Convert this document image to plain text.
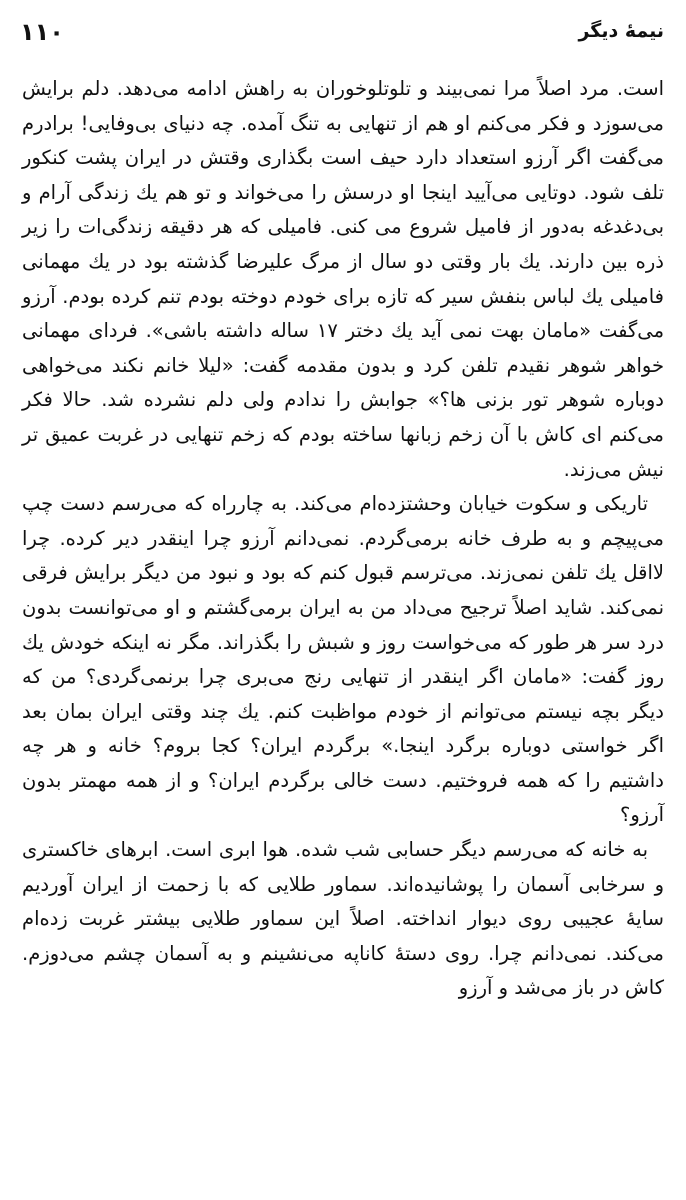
۱۱۰	نیمهٔ دیگر

است. مرد اصلاً مرا نمی‌بیند و تلوتلوخوران به راهش ادامه می‌دهد. دلم برایش می‌سوزد و فکر می‌کنم او هم از تنهایی به تنگ آمده. چه دنیای بی‌وفایی! برادرم می‌گفت اگر آرزو استعداد دارد حیف است بگذاری وقتش در ایران پشت کنکور تلف شود. دوتایی می‌آیید اینجا او درسش را می‌خواند و تو هم یك زندگی آرام و بی‌دغدغه به‌دور از فامیل شروع می کنی. فامیلی که هر دقیقه زندگی‌ات را زیر ذره بین دارند. یك بار وقتی دو سال از مرگ علیرضا گذشته بود در یك مهمانی فامیلی یك لباس بنفش سیر که تازه برای خودم دوخته بودم تنم کرده بودم. آرزو می‌گفت «مامان بهت نمی آید یك دختر ۱۷ ساله داشته باشی». فردای مهمانی خواهر شوهر نقیدم تلفن کرد و بدون مقدمه گفت: «لیلا خانم نکند می‌خواهی دوباره شوهر تور بزنی ها؟» جوابش را ندادم ولی دلم نشرده شد. حالا فکر می‌کنم ای کاش با آن زخم زبانها ساخته بودم که زخم تنهایی در غربت عمیق تر نیش می‌زند.

تاریکی و سکوت خیابان وحشتزده‌ام می‌کند. به چارراه که می‌رسم دست چپ می‌پیچم و به طرف خانه برمی‌گردم. نمی‌دانم آرزو چرا اینقدر دیر کرده. چرا لااقل یك تلفن نمی‌زند. می‌ترسم قبول کنم که بود و نبود من دیگر برایش فرقی نمی‌کند. شاید اصلاً ترجیح می‌داد من به ایران برمی‌گشتم و او می‌توانست بدون درد سر هر طور که می‌خواست روز و شبش را بگذراند. مگر نه اینکه خودش یك روز گفت: «مامان اگر اینقدر از تنهایی رنج می‌بری چرا برنمی‌گردی؟ من که دیگر بچه نیستم می‌توانم از خودم مواظبت کنم. یك چند وقتی ایران بمان بعد اگر خواستی دوباره برگرد اینجا.» برگردم ایران؟ کجا بروم؟ خانه و هر چه داشتیم را که همه فروختیم. دست خالی برگردم ایران؟ و از همه مهمتر بدون آرزو؟

به خانه که می‌رسم دیگر حسابی شب شده. هوا ابری است. ابرهای خاکستری و سرخابی آسمان را پوشانیده‌اند. سماور طلایی که با زحمت از ایران آوردیم سایهٔ عجیبی روی دیوار انداخته. اصلاً این سماور طلایی بیشتر غربت زده‌ام می‌کند. نمی‌دانم چرا. روی دستهٔ کاناپه می‌نشینم و به آسمان چشم می‌دوزم. کاش در باز می‌شد و آرزو
